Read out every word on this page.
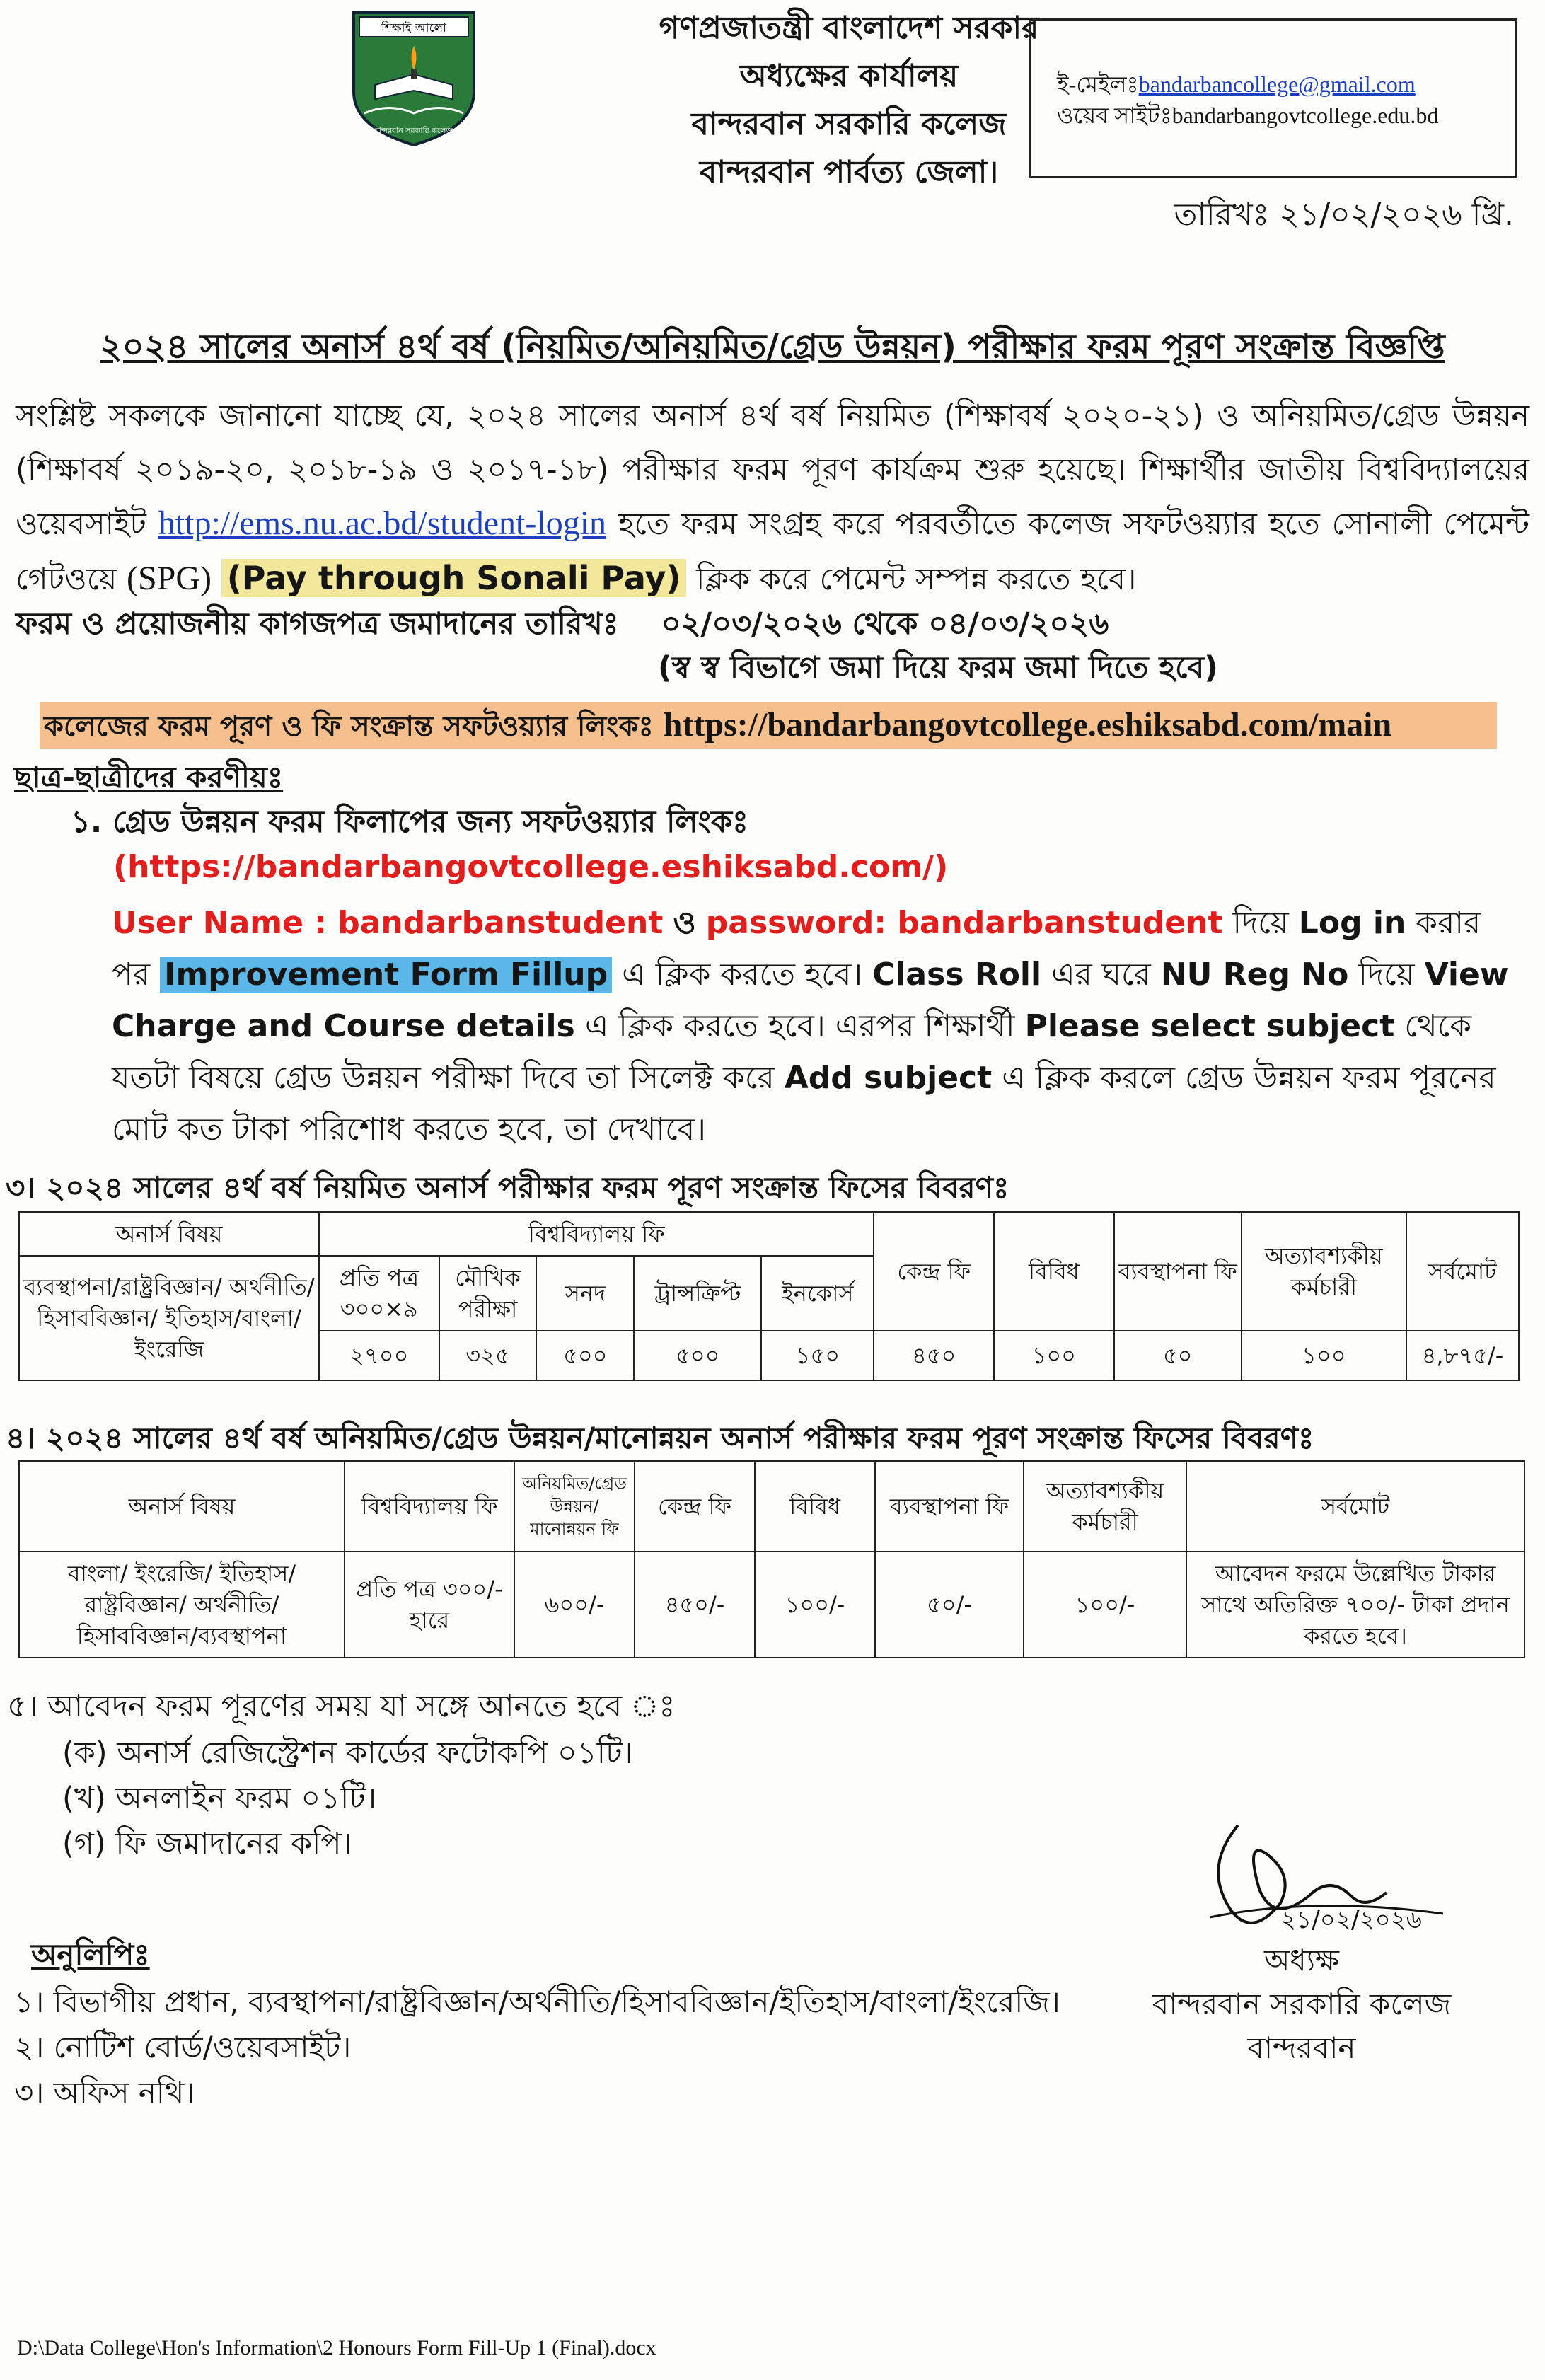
শিক্ষাই আলো
বান্দরবান সরকারি কলেজ
গণপ্রজাতন্ত্রী বাংলাদেশ সরকার
অধ্যক্ষের কার্যালয়
বান্দরবান সরকারি কলেজ
বান্দরবান পার্বত্য জেলা।
ই-মেইলঃbandarbancollege@gmail.com
ওয়েব সাইটঃbandarbangovtcollege.edu.bd
তারিখঃ ২১/০২/২০২৬ খ্রি.
২০২৪ সালের অনার্স ৪র্থ বর্ষ (নিয়মিত/অনিয়মিত/গ্রেড উন্নয়ন) পরীক্ষার ফরম পূরণ সংক্রান্ত বিজ্ঞপ্তি
সংশ্লিষ্ট সকলকে জানানো যাচ্ছে যে, ২০২৪ সালের অনার্স ৪র্থ বর্ষ নিয়মিত (শিক্ষাবর্ষ ২০২০-২১) ও অনিয়মিত/গ্রেড উন্নয়ন (শিক্ষাবর্ষ ২০১৯-২০, ২০১৮-১৯ ও ২০১৭-১৮) পরীক্ষার ফরম পূরণ কার্যক্রম শুরু হয়েছে। শিক্ষার্থীর জাতীয় বিশ্ববিদ্যালয়ের ওয়েবসাইট http://ems.nu.ac.bd/student-login হতে ফরম সংগ্রহ করে পরবর্তীতে কলেজ সফটওয়্যার হতে সোনালী পেমেন্ট গেটওয়ে (SPG) (Pay through Sonali Pay) ক্লিক করে পেমেন্ট সম্পন্ন করতে হবে।
ফরম ও প্রয়োজনীয় কাগজপত্র জমাদানের তারিখঃ ০২/০৩/২০২৬ থেকে ০৪/০৩/২০২৬
(স্ব স্ব বিভাগে জমা দিয়ে ফরম জমা দিতে হবে)
কলেজের ফরম পূরণ ও ফি সংক্রান্ত সফটওয়্যার লিংকঃ https://bandarbangovtcollege.eshiksabd.com/main
ছাত্র-ছাত্রীদের করণীয়ঃ
১. গ্রেড উন্নয়ন ফরম ফিলাপের জন্য সফটওয়্যার লিংকঃ
(https://bandarbangovtcollege.eshiksabd.com/)
User Name : bandarbanstudent ও password: bandarbanstudent দিয়ে Log in করার পর Improvement Form Fillup এ ক্লিক করতে হবে। Class Roll এর ঘরে NU Reg No দিয়ে View Charge and Course details এ ক্লিক করতে হবে। এরপর শিক্ষার্থী Please select subject থেকে যতটা বিষয়ে গ্রেড উন্নয়ন পরীক্ষা দিবে তা সিলেক্ট করে Add subject এ ক্লিক করলে গ্রেড উন্নয়ন ফরম পূরনের মোট কত টাকা পরিশোধ করতে হবে, তা দেখাবে।
৩। ২০২৪ সালের ৪র্থ বর্ষ নিয়মিত অনার্স পরীক্ষার ফরম পূরণ সংক্রান্ত ফিসের বিবরণঃ
অনার্স বিষয়	বিশ্ববিদ্যালয় ফি					কেন্দ্র ফি	বিবিধ	ব্যবস্থাপনা ফি	অত্যাবশ্যকীয় কর্মচারী	সর্বমোট
ব্যবস্থাপনা/রাষ্ট্রবিজ্ঞান/ অর্থনীতি/হিসাববিজ্ঞান/ ইতিহাস/বাংলা/ ইংরেজি	প্রতি পত্র ৩০০×৯	মৌখিক পরীক্ষা	সনদ	ট্রান্সক্রিপ্ট	ইনকোর্স					
	২৭০০	৩২৫	৫০০	৫০০	১৫০	৪৫০	১০০	৫০	১০০	৪,৮৭৫/-
৪। ২০২৪ সালের ৪র্থ বর্ষ অনিয়মিত/গ্রেড উন্নয়ন/মানোন্নয়ন অনার্স পরীক্ষার ফরম পূরণ সংক্রান্ত ফিসের বিবরণঃ
অনার্স বিষয়	বিশ্ববিদ্যালয় ফি	অনিয়মিত/গ্রেড উন্নয়ন/মানোন্নয়ন ফি	কেন্দ্র ফি	বিবিধ	ব্যবস্থাপনা ফি	অত্যাবশ্যকীয় কর্মচারী	সর্বমোট
বাংলা/ ইংরেজি/ ইতিহাস/ রাষ্ট্রবিজ্ঞান/ অর্থনীতি/ হিসাববিজ্ঞান/ব্যবস্থাপনা	প্রতি পত্র ৩০০/- হারে	৬০০/-	৪৫০/-	১০০/-	৫০/-	১০০/-	আবেদন ফরমে উল্লেখিত টাকার সাথে অতিরিক্ত ৭০০/- টাকা প্রদান করতে হবে।
৫। আবেদন ফরম পূরণের সময় যা সঙ্গে আনতে হবে ঃ
(ক) অনার্স রেজিস্ট্রেশন কার্ডের ফটোকপি ০১টি।
(খ) অনলাইন ফরম ০১টি।
(গ) ফি জমাদানের কপি।
২১/০২/২০২৬
অধ্যক্ষ
বান্দরবান সরকারি কলেজ
বান্দরবান
অনুলিপিঃ
১। বিভাগীয় প্রধান, ব্যবস্থাপনা/রাষ্ট্রবিজ্ঞান/অর্থনীতি/হিসাববিজ্ঞান/ইতিহাস/বাংলা/ইংরেজি।
২। নোটিশ বোর্ড/ওয়েবসাইট।
৩। অফিস নথি।
D:\Data College\Hon's Information\2 Honours Form Fill-Up 1 (Final).docx
